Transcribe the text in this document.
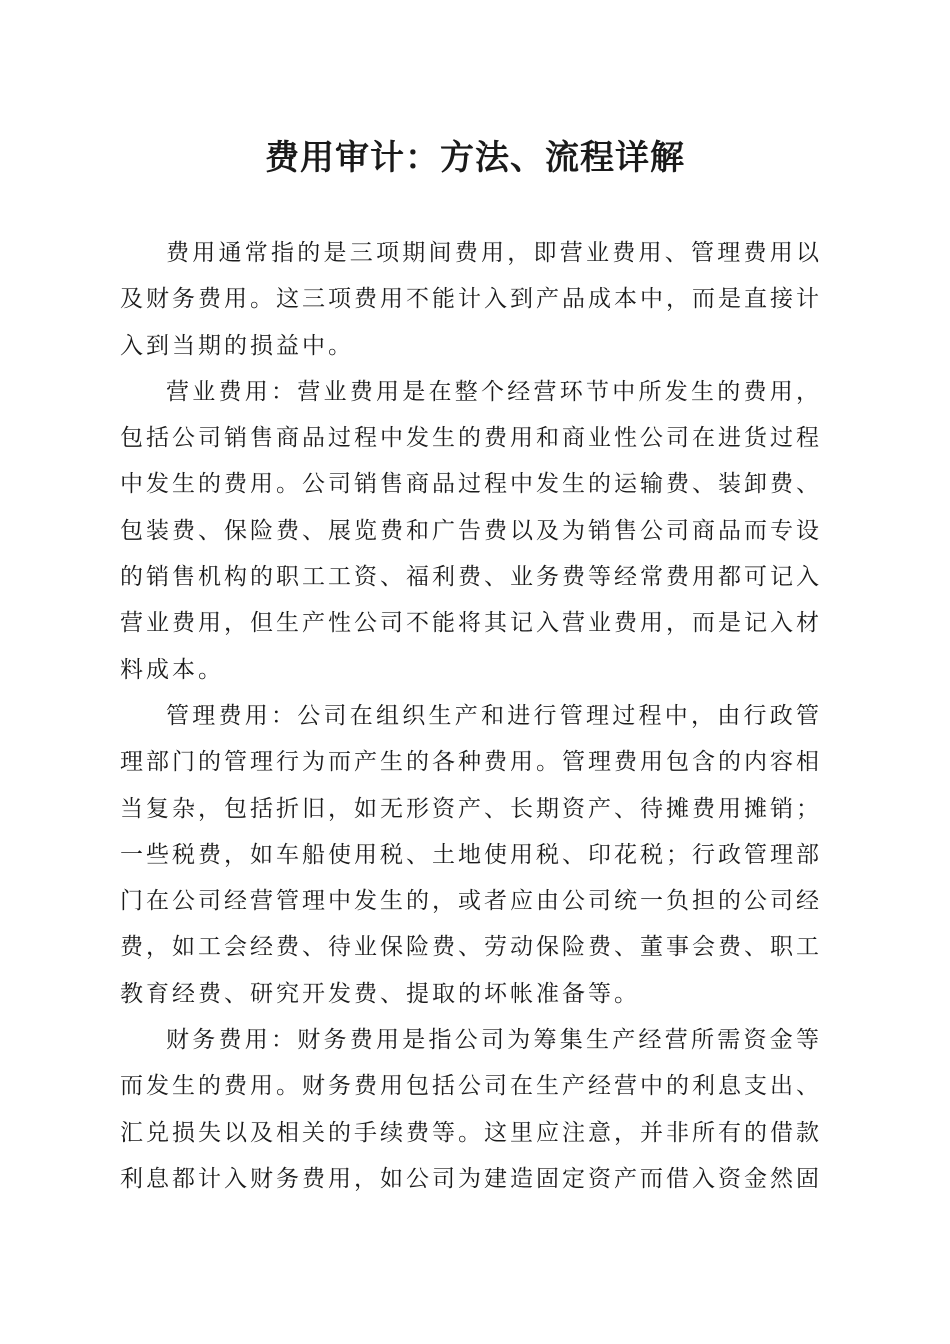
费用审计：方法、流程详解

费用通常指的是三项期间费用，即营业费用、管理费用以及财务费用。这三项费用不能计入到产品成本中，而是直接计入到当期的损益中。

营业费用：营业费用是在整个经营环节中所发生的费用，包括公司销售商品过程中发生的费用和商业性公司在进货过程中发生的费用。公司销售商品过程中发生的运输费、装卸费、包装费、保险费、展览费和广告费以及为销售公司商品而专设的销售机构的职工工资、福利费、业务费等经常费用都可记入营业费用，但生产性公司不能将其记入营业费用，而是记入材料成本。

管理费用：公司在组织生产和进行管理过程中，由行政管理部门的管理行为而产生的各种费用。管理费用包含的内容相当复杂，包括折旧，如无形资产、长期资产、待摊费用摊销；一些税费，如车船使用税、土地使用税、印花税；行政管理部门在公司经营管理中发生的，或者应由公司统一负担的公司经费，如工会经费、待业保险费、劳动保险费、董事会费、职工教育经费、研究开发费、提取的坏帐准备等。

财务费用：财务费用是指公司为筹集生产经营所需资金等而发生的费用。财务费用包括公司在生产经营中的利息支出、汇兑损失以及相关的手续费等。这里应注意，并非所有的借款利息都计入财务费用，如公司为建造固定资产而借入资金然固
